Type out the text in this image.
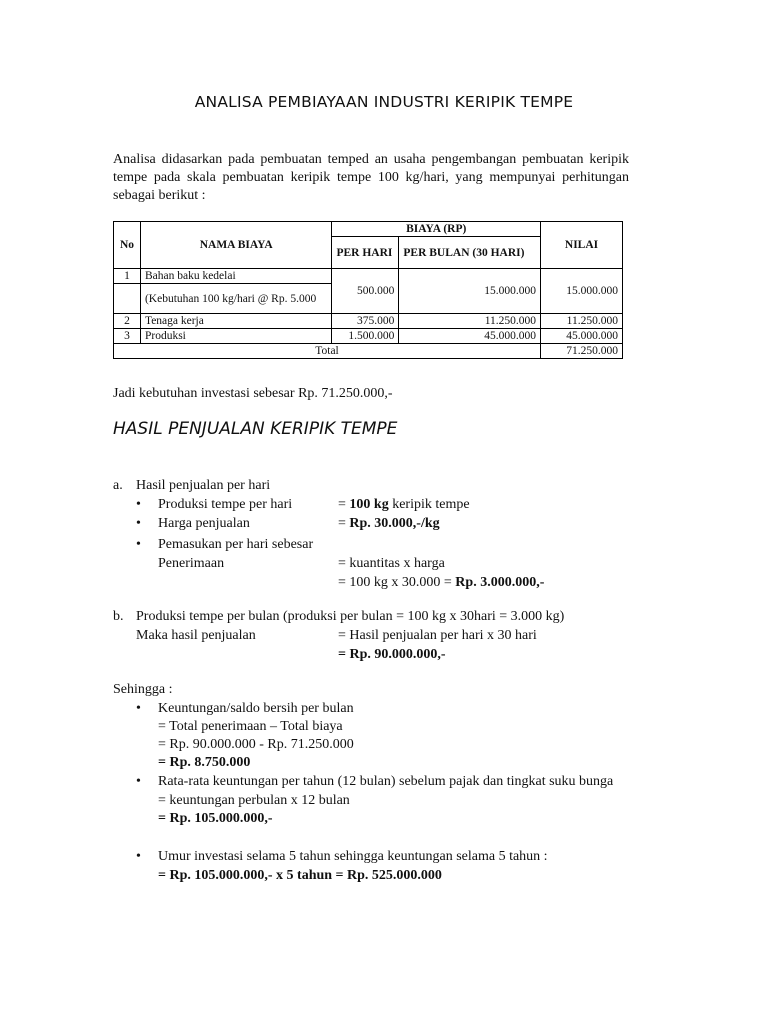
ANALISA PEMBIAYAAN INDUSTRI KERIPIK TEMPE
Analisa didasarkan pada pembuatan temped an usaha pengembangan pembuatan keripik
tempe pada skala pembuatan keripik tempe 100 kg/hari, yang mempunyai perhitungan
sebagai berikut :
No	NAMA BIAYA	BIAYA (RP)		NILAI
		PER HARI	PER BULAN (30 HARI)	
1	Bahan baku kedelai	500.000	15.000.000	15.000.000
	(Kebutuhan 100 kg/hari @ Rp. 5.000			
2	Tenaga kerja	375.000	11.250.000	11.250.000
3	Produksi	1.500.000	45.000.000	45.000.000
Total				71.250.000
Jadi kebutuhan investasi sebesar Rp. 71.250.000,-
HASIL PENJUALAN KERIPIK TEMPE
a. Hasil penjualan per hari
• Produksi tempe per hari	= 100 kg keripik tempe
• Harga penjualan	= Rp. 30.000,-/kg
• Pemasukan per hari sebesar
Penerimaan	= kuantitas x harga
= 100 kg x 30.000 = Rp. 3.000.000,-
b. Produksi tempe per bulan (produksi per bulan = 100 kg x 30hari = 3.000 kg)
Maka hasil penjualan	= Hasil penjualan per hari x 30 hari
= Rp. 90.000.000,-
Sehingga :
• Keuntungan/saldo bersih per bulan
= Total penerimaan – Total biaya
= Rp. 90.000.000 - Rp. 71.250.000
= Rp. 8.750.000
• Rata-rata keuntungan per tahun (12 bulan) sebelum pajak dan tingkat suku bunga
= keuntungan perbulan x 12 bulan
= Rp. 105.000.000,-
• Umur investasi selama 5 tahun sehingga keuntungan selama 5 tahun :
= Rp. 105.000.000,- x 5 tahun = Rp. 525.000.000
